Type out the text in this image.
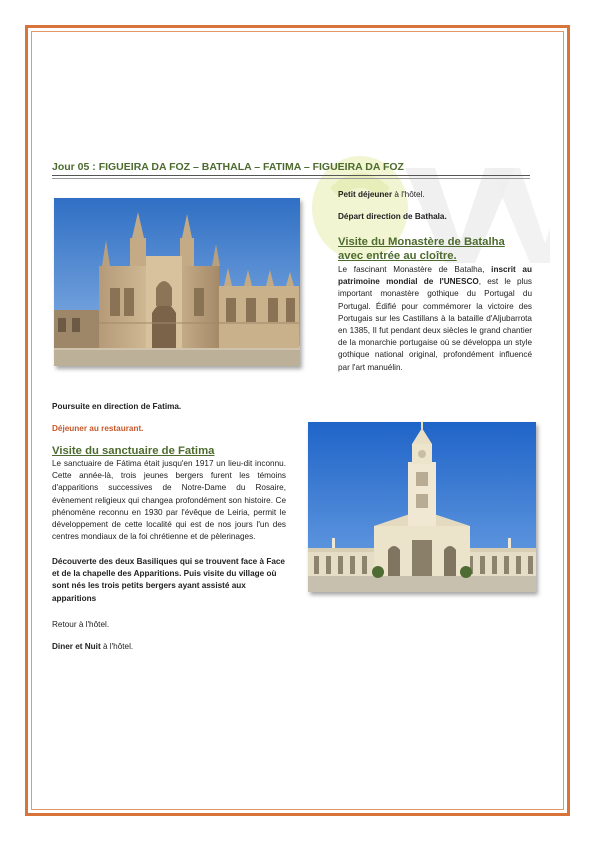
Jour 05 : FIGUEIRA DA FOZ – BATHALA – FATIMA – FIGUEIRA DA FOZ
Petit déjeuner à l'hôtel.
Départ direction de Bathala.
Visite du Monastère de Batalha
avec entrée au cloître.
Le fascinant Monastère de Batalha, inscrit au patrimoine mondial de l'UNESCO, est le plus important monastère gothique du Portugal du Portugal. Édifié pour commémorer la victoire des Portugais sur les Castillans à la bataille d'Aljubarrota en 1385, Il fut pendant deux siècles le grand chantier de la monarchie portugaise où se développa un style gothique national original, profondément influencé par l'art manuélin.
Poursuite en direction de Fatima.
Déjeuner au restaurant.
Visite du sanctuaire de Fatima
Le sanctuaire de Fátima était jusqu'en 1917 un lieu-dit inconnu. Cette année-là, trois jeunes bergers furent les témoins d'apparitions successives de Notre-Dame du Rosaire, évènement religieux qui changea profondément son histoire. Ce phénomène reconnu en 1930 par l'évêque de Leiria, permit le développement de cette localité qui est de nos jours l'un des centres mondiaux de la foi chrétienne et de pèlerinages.
Découverte des deux Basiliques qui se trouvent face à Face et de la chapelle des Apparitions. Puis visite du village où sont nés les trois petits bergers ayant assisté aux apparitions
Retour à l'hôtel.
Diner et Nuit à l'hôtel.
